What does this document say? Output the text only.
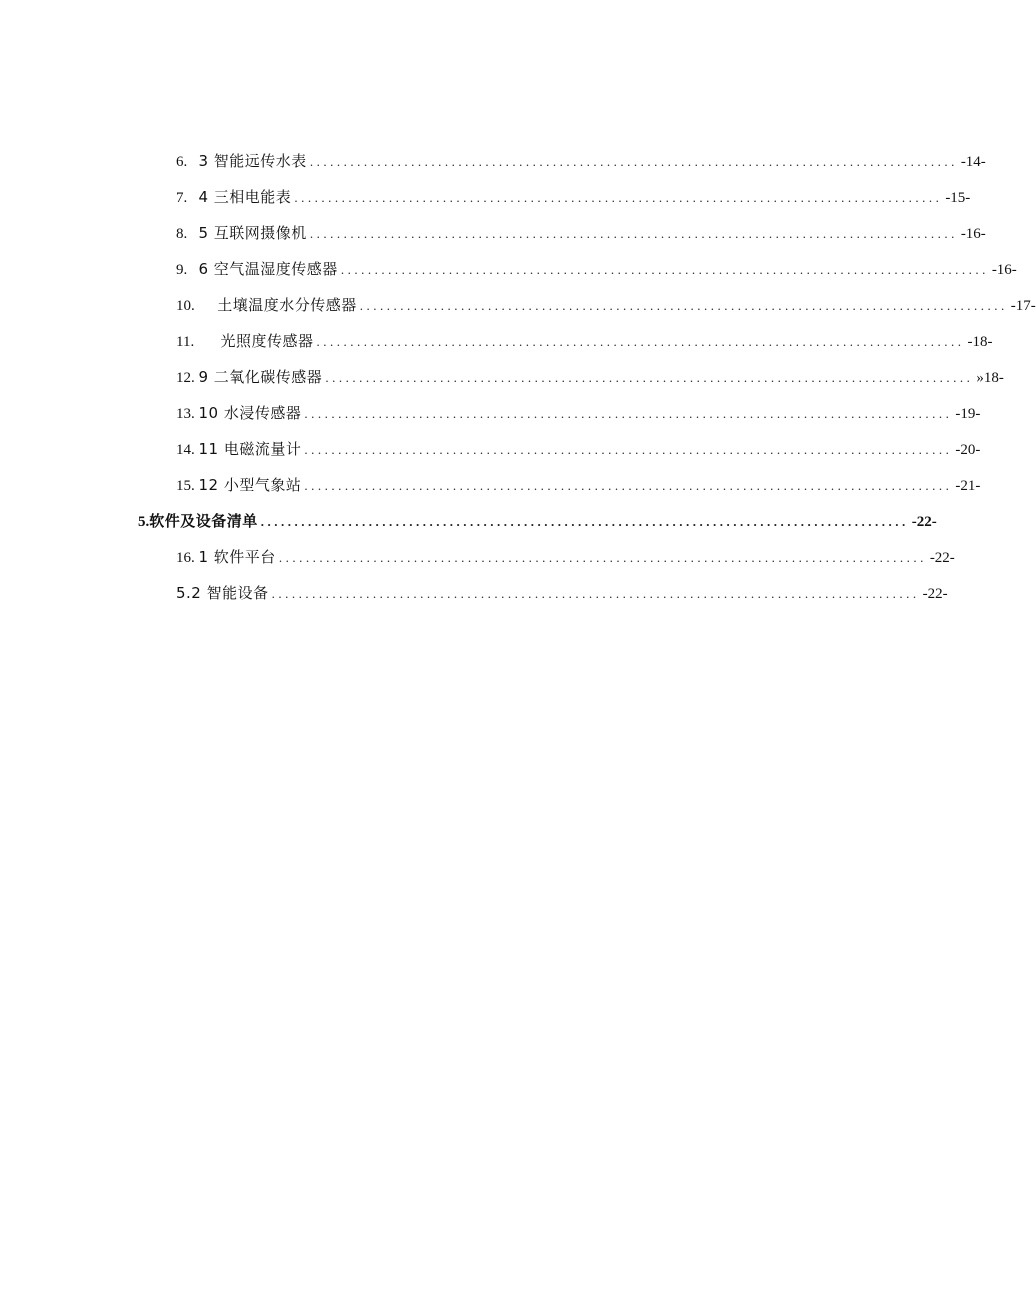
6. 3 智能远传水表 ................................................................................................ -14-
7. 4 三相电能表 ................................................................................................ -15-
8. 5 互联网摄像机 ................................................................................................ -16-
9. 6 空气温湿度传感器 ................................................................................................ -16-
10. 土壤温度水分传感器 ................................................................................................ -17-
11. 光照度传感器 ................................................................................................ -18-
12. 9 二氧化碳传感器 ................................................................................................ »18-
13. 10 水浸传感器 ................................................................................................ -19-
14. 11 电磁流量计 ................................................................................................ -20-
15. 12 小型气象站 ................................................................................................ -21-
5.软件及设备清单 ................................................................................................ -22-
16. 1 软件平台 ................................................................................................ -22-
5.2 智能设备 ................................................................................................ -22-
